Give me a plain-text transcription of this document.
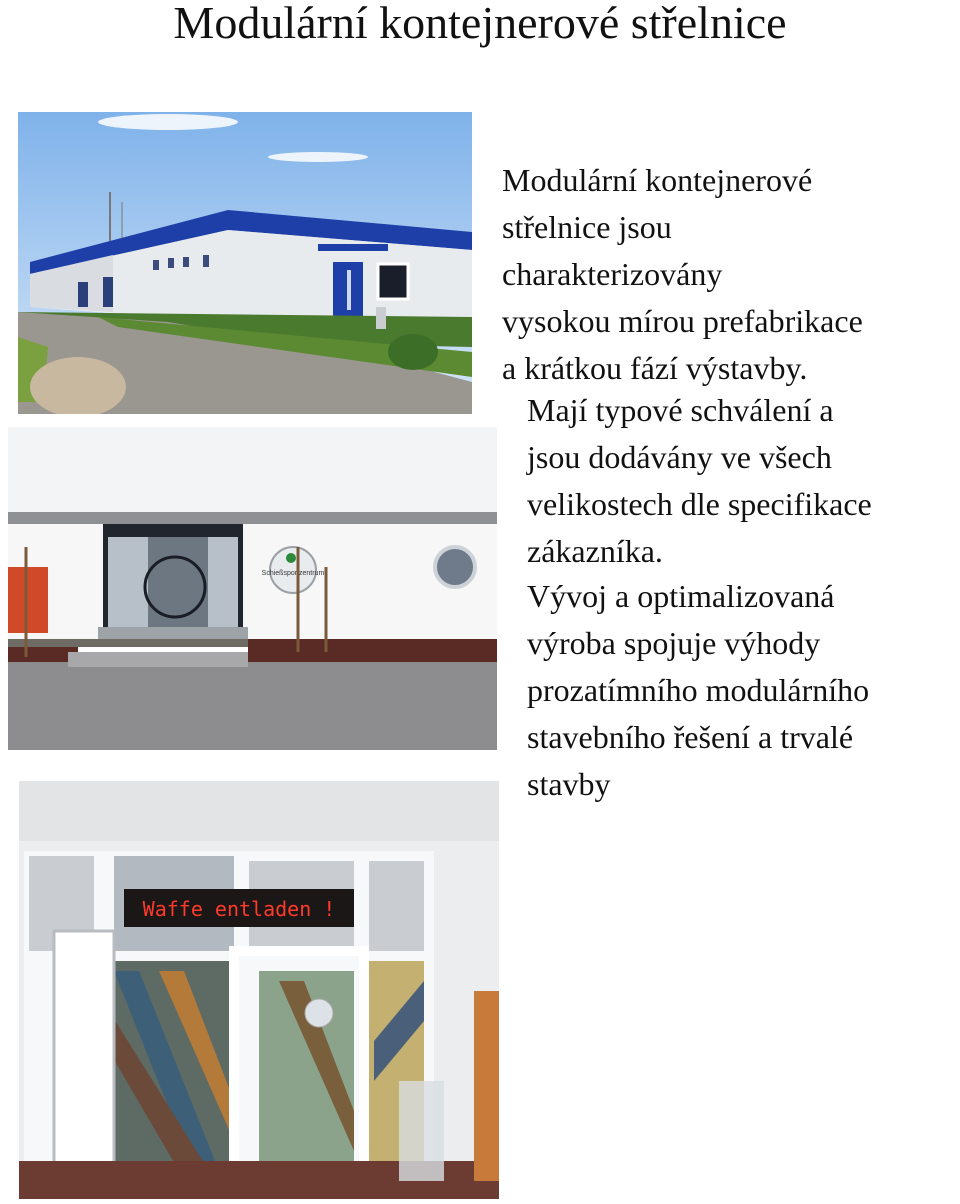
Modulární kontejnerové střelnice
Schießsportzentrum
Waffe entladen !

Modulární kontejnerové
střelnice jsou
charakterizovány
vysokou mírou prefabrikace
a krátkou fází výstavby.

Mají typové schválení a
jsou dodávány ve všech
velikostech dle specifikace
zákazníka.

Vývoj a optimalizovaná
výroba spojuje výhody
prozatímního modulárního
stavebního řešení a trvalé
stavby
